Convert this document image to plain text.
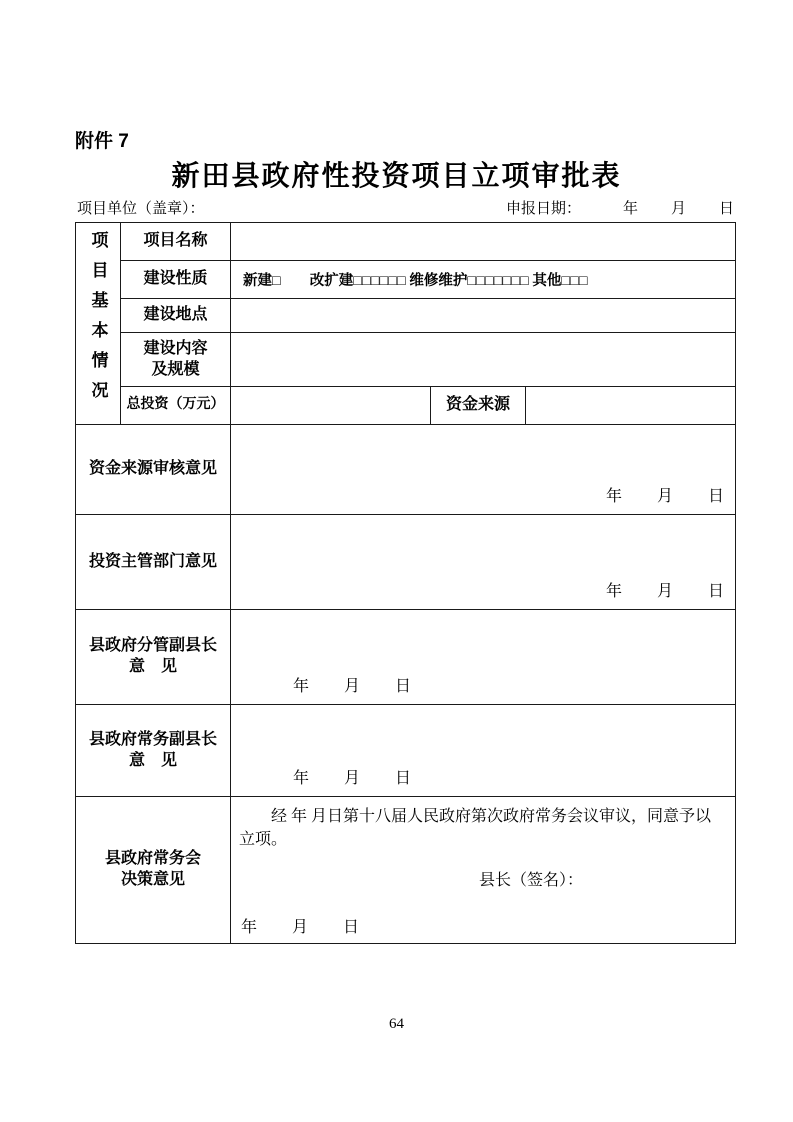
附件 7
新田县政府性投资项目立项审批表
项目单位（盖章）：	申报日期：	年　　月　　日
项目基本情况	项目名称			
	建设性质	新建□　　改扩建□□□□□□ 维修维护□□□□□□□ 其他□□□		
	建设地点			

	建设内容
及规模			

	总投资（万元）		资金来源	
资金来源审核意见		年　　月　　日		

投资主管部门意见		年　　月　　日		

县政府分管副县长
意　见		年　　月　　日		

县政府常务副县长
意　见		年　　月　　日		

县政府常务会
决策意见

经 年 月日第十八届人民政府第次政府常务会议审议，同意予以立项。
县长（签名）：
年　　月　　日
64
